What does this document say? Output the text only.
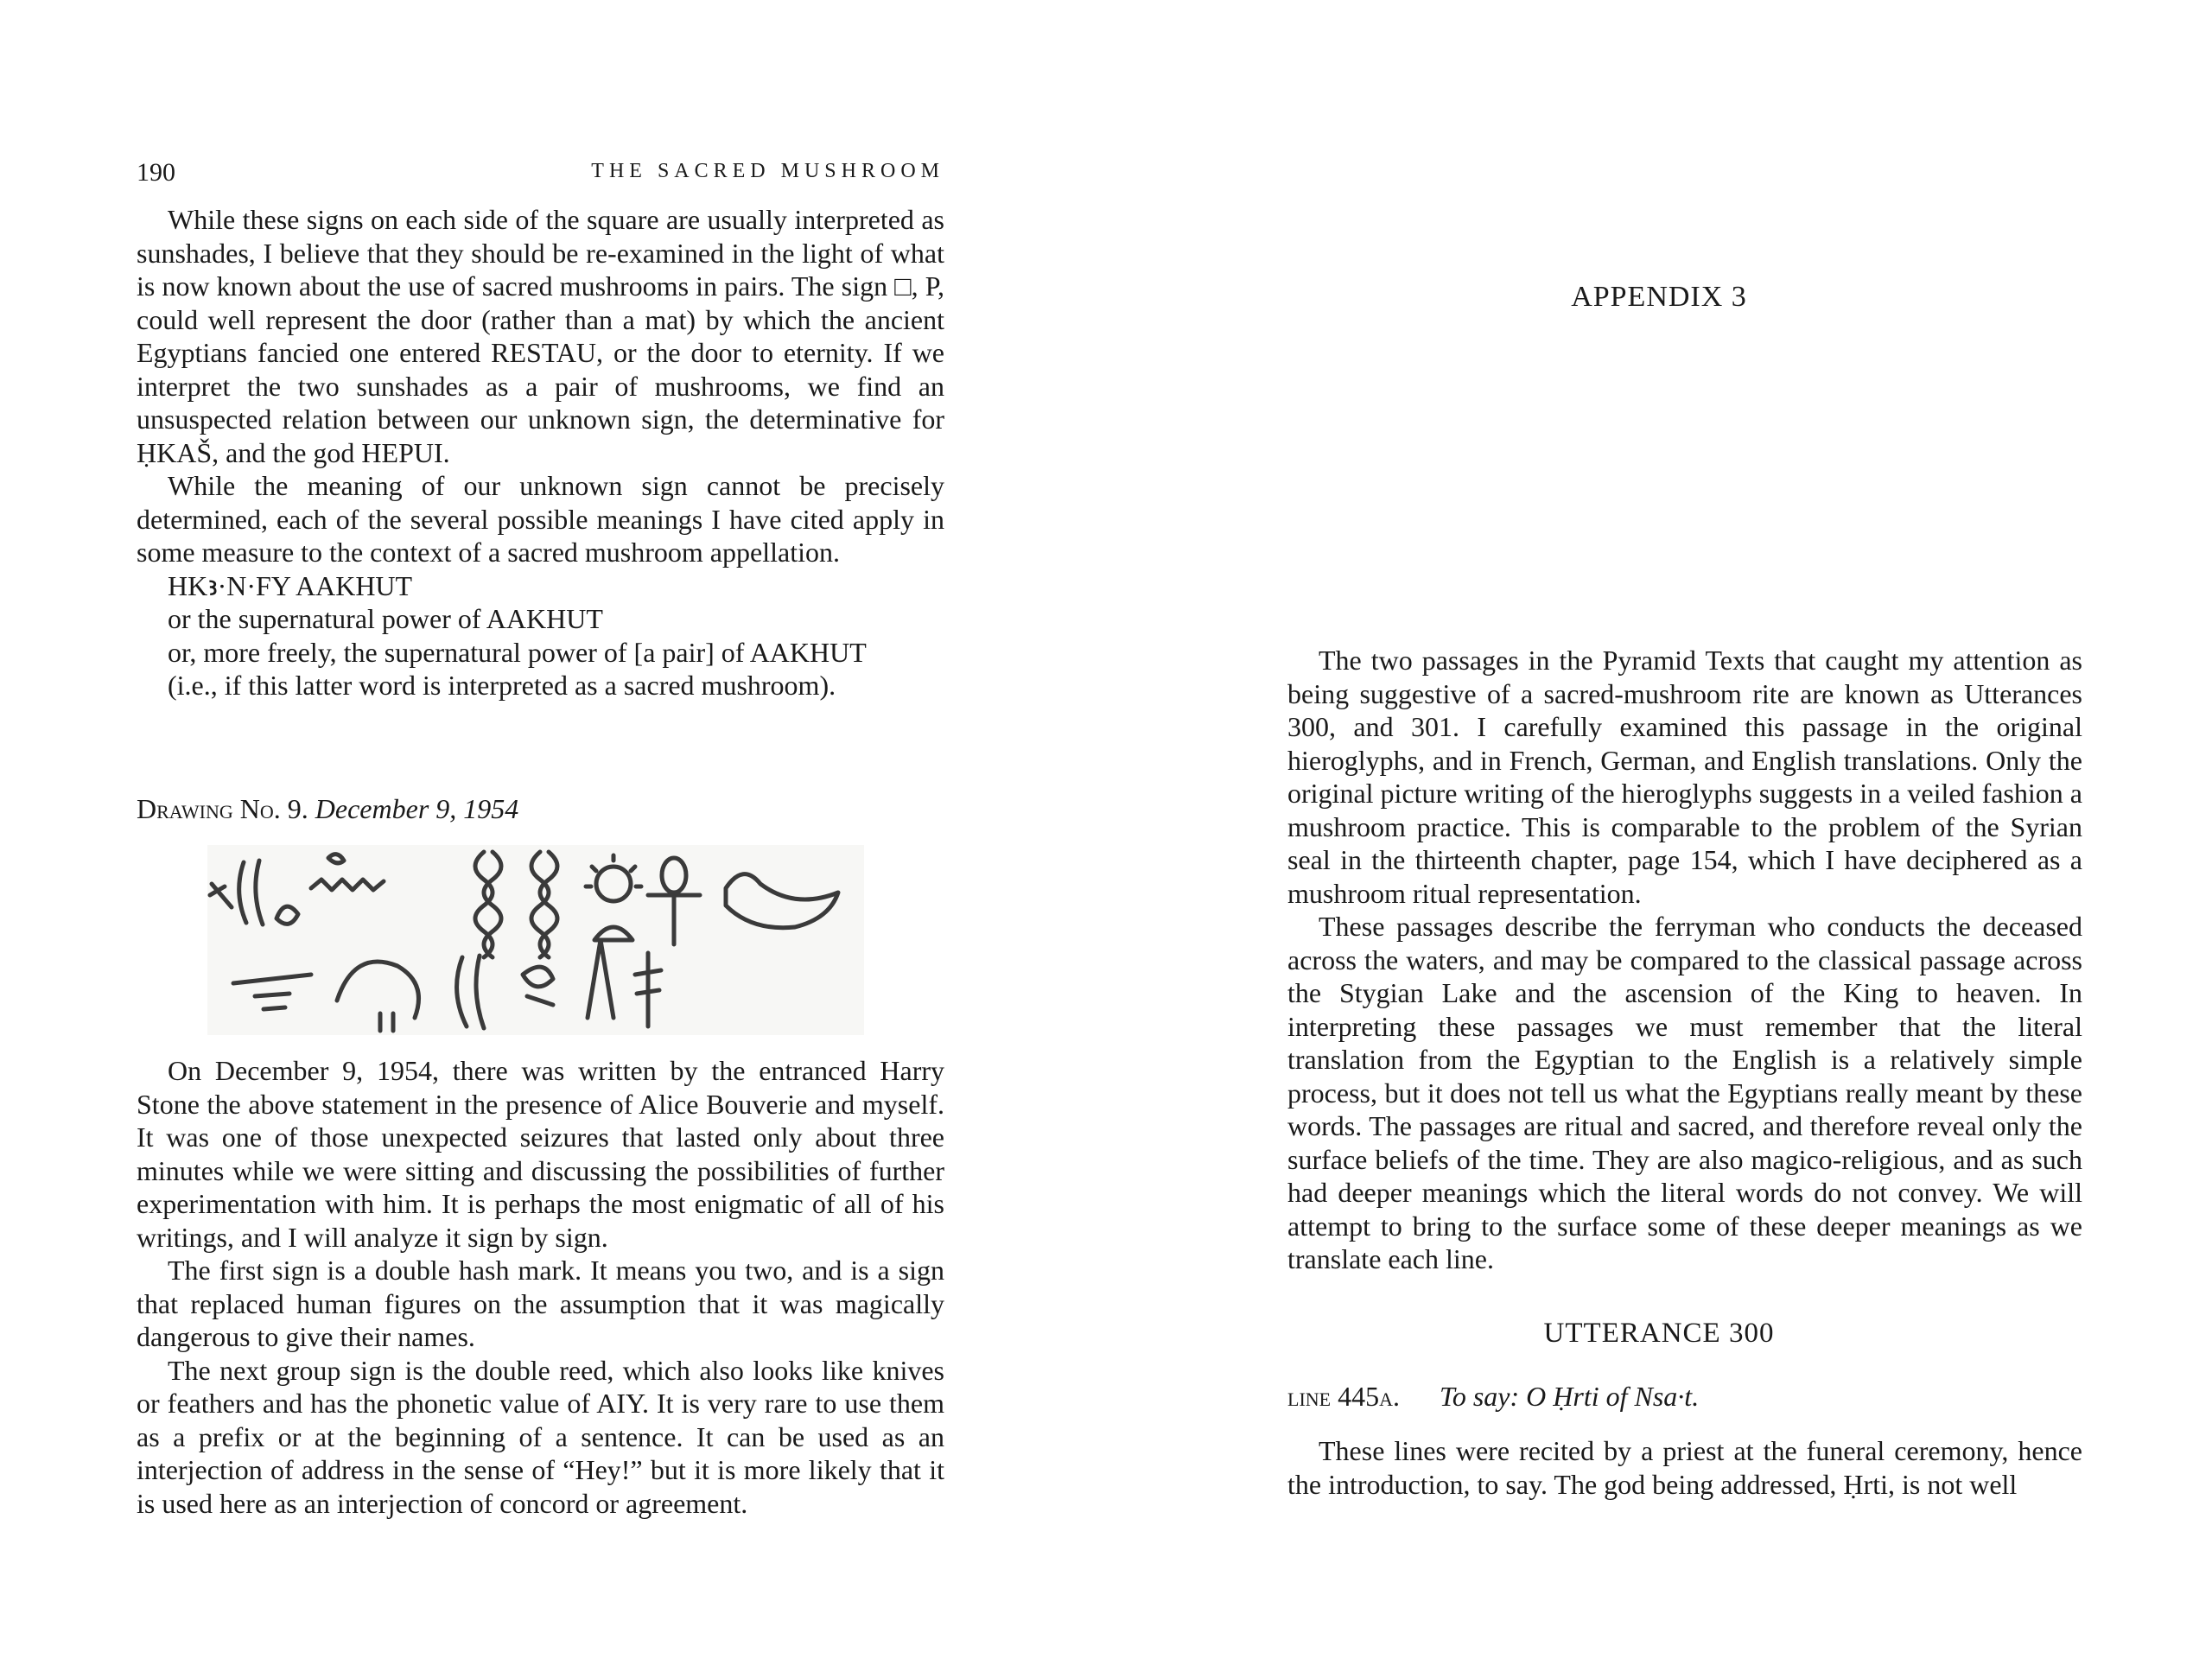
190	THE SACRED MUSHROOM

While these signs on each side of the square are usually interpreted as sunshades, I believe that they should be re-examined in the light of what is now known about the use of sacred mushrooms in pairs. The sign □, P, could well represent the door (rather than a mat) by which the ancient Egyptians fancied one entered RESTAU, or the door to eternity. If we interpret the two sunshades as a pair of mushrooms, we find an unsuspected relation between our unknown sign, the determinative for ḤKAŠ, and the god HEPUI.

While the meaning of our unknown sign cannot be precisely determined, each of the several possible meanings I have cited apply in some measure to the context of a sacred mushroom appellation.

HKꜣ·N·FY AAKHUT
or the supernatural power of AAKHUT
or, more freely, the supernatural power of [a pair] of AAKHUT
(i.e., if this latter word is interpreted as a sacred mushroom).
Drawing No. 9. December 9, 1954

On December 9, 1954, there was written by the entranced Harry Stone the above statement in the presence of Alice Bouverie and myself. It was one of those unexpected seizures that lasted only about three minutes while we were sitting and discussing the possibilities of further experimentation with him. It is perhaps the most enigmatic of all of his writings, and I will analyze it sign by sign.

The first sign is a double hash mark. It means you two, and is a sign that replaced human figures on the assumption that it was magically dangerous to give their names.

The next group sign is the double reed, which also looks like knives or feathers and has the phonetic value of AIY. It is very rare to use them as a prefix or at the beginning of a sentence. It can be used as an interjection of address in the sense of “Hey!” but it is more likely that it is used here as an interjection of concord or agreement.

APPENDIX 3

The two passages in the Pyramid Texts that caught my attention as being suggestive of a sacred-mushroom rite are known as Utterances 300, and 301. I carefully examined this passage in the original hieroglyphs, and in French, German, and English translations. Only the original picture writing of the hieroglyphs suggests in a veiled fashion a mushroom practice. This is comparable to the problem of the Syrian seal in the thirteenth chapter, page 154, which I have deciphered as a mushroom ritual representation.

These passages describe the ferryman who conducts the deceased across the waters, and may be compared to the classical passage across the Stygian Lake and the ascension of the King to heaven. In interpreting these passages we must remember that the literal translation from the Egyptian to the English is a relatively simple process, but it does not tell us what the Egyptians really meant by these words. The passages are ritual and sacred, and therefore reveal only the surface beliefs of the time. They are also magico-religious, and as such had deeper meanings which the literal words do not convey. We will attempt to bring to the surface some of these deeper meanings as we translate each line.

UTTERANCE 300
line 445a. To say: O Ḥrti of Nsa·t.

These lines were recited by a priest at the funeral ceremony, hence the introduction, to say. The god being addressed, Ḥrti, is not well
